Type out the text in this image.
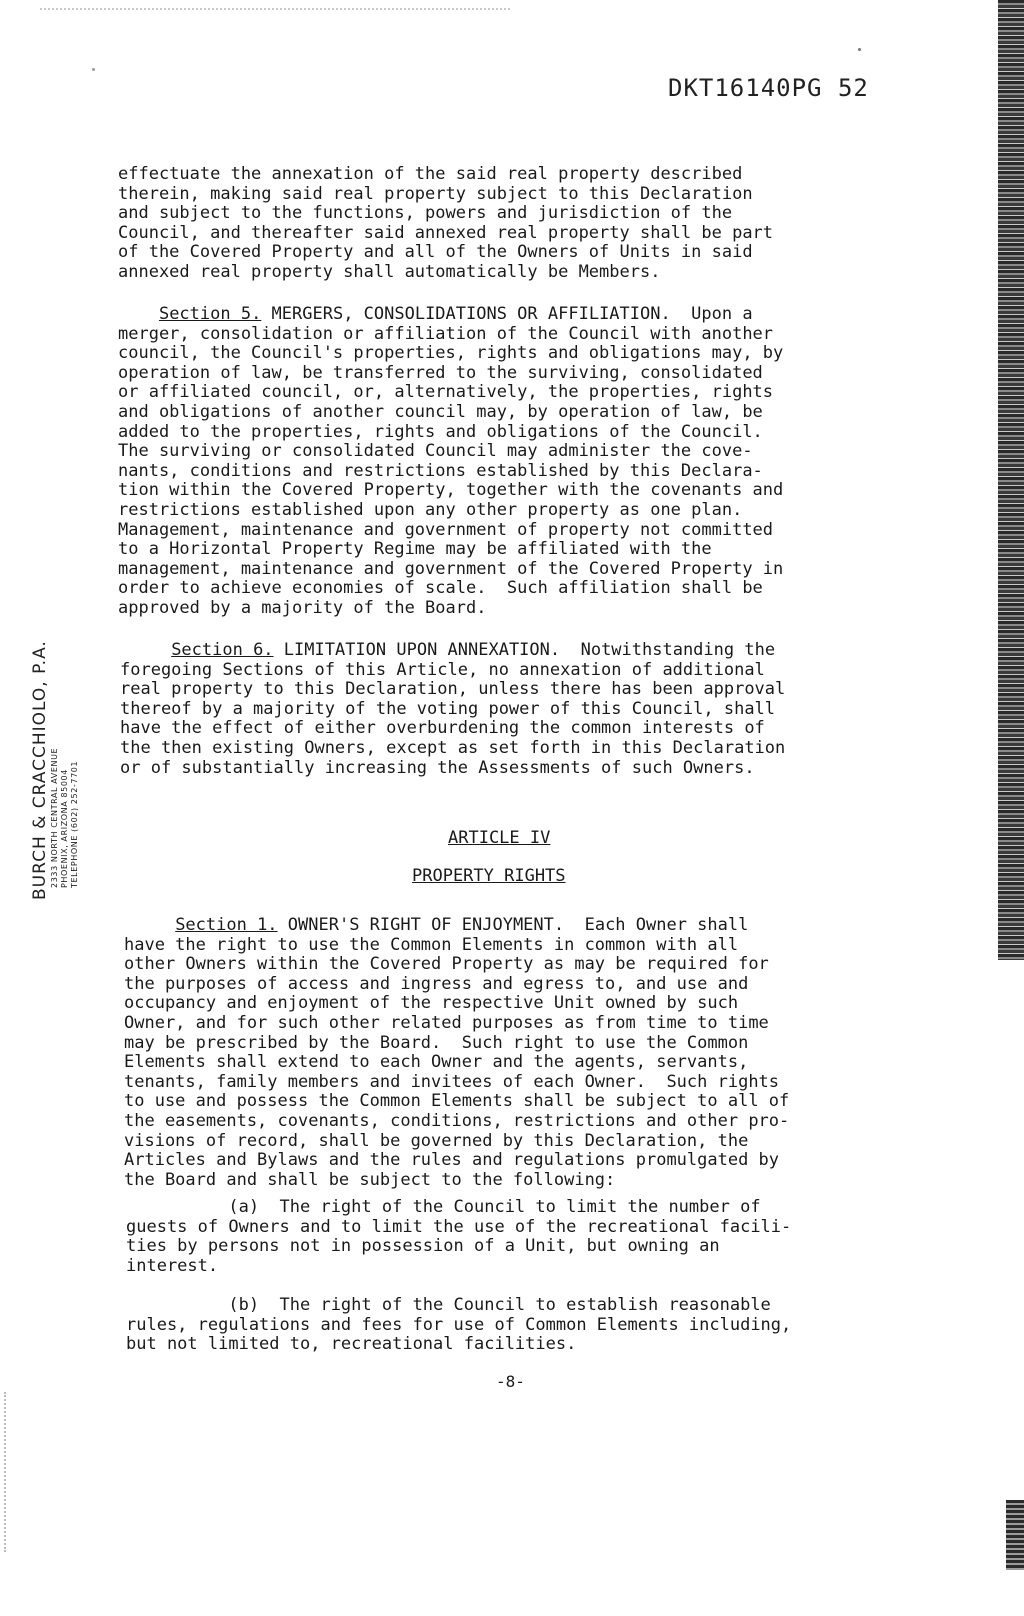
DKT16140PG 52
BURCH & CRACCHIOLO, P.A. 2333 NORTH CENTRAL AVENUE PHOENIX, ARIZONA 85004 TELEPHONE (602) 252-7701
effectuate the annexation of the said real property described
therein, making said real property subject to this Declaration
and subject to the functions, powers and jurisdiction of the
Council, and thereafter said annexed real property shall be part
of the Covered Property and all of the Owners of Units in said
annexed real property shall automatically be Members.
Section 5. MERGERS, CONSOLIDATIONS OR AFFILIATION.  Upon a
merger, consolidation or affiliation of the Council with another
council, the Council's properties, rights and obligations may, by
operation of law, be transferred to the surviving, consolidated
or affiliated council, or, alternatively, the properties, rights
and obligations of another council may, by operation of law, be
added to the properties, rights and obligations of the Council.
The surviving or consolidated Council may administer the cove-
nants, conditions and restrictions established by this Declara-
tion within the Covered Property, together with the covenants and
restrictions established upon any other property as one plan.
Management, maintenance and government of property not committed
to a Horizontal Property Regime may be affiliated with the
management, maintenance and government of the Covered Property in
order to achieve economies of scale.  Such affiliation shall be
approved by a majority of the Board.
Section 6. LIMITATION UPON ANNEXATION.  Notwithstanding the
foregoing Sections of this Article, no annexation of additional
real property to this Declaration, unless there has been approval
thereof by a majority of the voting power of this Council, shall
have the effect of either overburdening the common interests of
the then existing Owners, except as set forth in this Declaration
or of substantially increasing the Assessments of such Owners.
ARTICLE IV
PROPERTY RIGHTS
Section 1. OWNER'S RIGHT OF ENJOYMENT.  Each Owner shall
have the right to use the Common Elements in common with all
other Owners within the Covered Property as may be required for
the purposes of access and ingress and egress to, and use and
occupancy and enjoyment of the respective Unit owned by such
Owner, and for such other related purposes as from time to time
may be prescribed by the Board.  Such right to use the Common
Elements shall extend to each Owner and the agents, servants,
tenants, family members and invitees of each Owner.  Such rights
to use and possess the Common Elements shall be subject to all of
the easements, covenants, conditions, restrictions and other pro-
visions of record, shall be governed by this Declaration, the
Articles and Bylaws and the rules and regulations promulgated by
the Board and shall be subject to the following:
(a)  The right of the Council to limit the number of
guests of Owners and to limit the use of the recreational facili-
ties by persons not in possession of a Unit, but owning an
interest.
(b)  The right of the Council to establish reasonable
rules, regulations and fees for use of Common Elements including,
but not limited to, recreational facilities.
-8-
